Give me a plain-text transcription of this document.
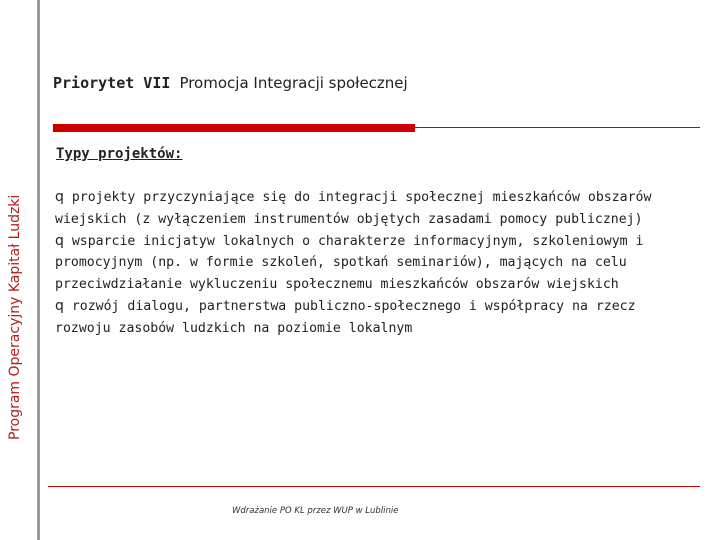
Program Operacyjny Kapitał Ludzki
Priorytet VII Promocja Integracji społecznej
Typy projektów:
q projekty przyczyniające się do integracji społecznej mieszkańców obszarów wiejskich (z wyłączeniem instrumentów objętych zasadami pomocy publicznej)
q wsparcie inicjatyw lokalnych o charakterze informacyjnym, szkoleniowym i promocyjnym (np. w formie szkoleń, spotkań seminariów), mających na celu przeciwdziałanie wykluczeniu społecznemu mieszkańców obszarów wiejskich
q rozwój dialogu, partnerstwa publiczno-społecznego i współpracy na rzecz rozwoju zasobów ludzkich na poziomie lokalnym
Wdrażanie PO KL przez WUP w Lublinie
